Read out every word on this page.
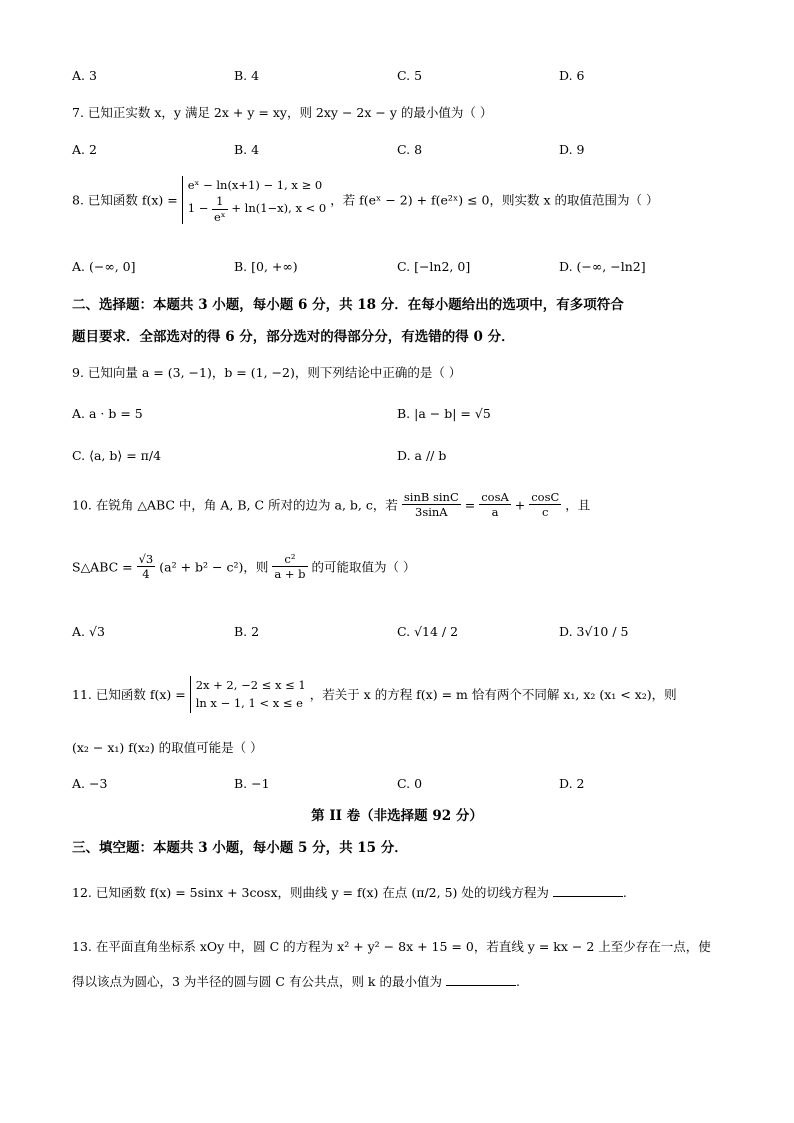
A. 3	B. 4	C. 5	D. 6
7. 已知正实数 x，y 满足 2x + y = xy，则 2xy − 2x − y 的最小值为（ ）
A. 2	B. 4	C. 8	D. 9
8. 已知函数 f(x) =
eˣ − ln(x+1) − 1, x ≥ 0
$1 - \frac{1}{\text{eˣ}} + \ln(1-x)$, x < 0
，若 f(eˣ − 2) + f(e²ˣ) ≤ 0，则实数 x 的取值范围为（ ）
A. (−∞, 0]	B. [0, +∞)	C. [−ln2, 0]	D. (−∞, −ln2]
二、选择题：本题共 3 小题，每小题 6 分，共 18 分．在每小题给出的选项中，有多项符合
题目要求．全部选对的得 6 分，部分选对的得部分分，有选错的得 0 分．
9. 已知向量 a = (3, −1)，b = (1, −2)，则下列结论中正确的是（ ）
A. a · b = 5	B. |a − b| = √5
C. ⟨a, b⟩ = π/4	D. a // b
10. 在锐角 △ABC 中，角 A, B, C 所对的边为 a, b, c，若 $\frac{\text{sinB sinC}}{3\sin A} = \frac{\cos A}{a} + \frac{\cos C}{c}$ ，且
S△ABC = $\frac{√3}{4} (a^2 + b^2 - c^2)$，则 $\frac{\text{c²}}{a + b}$ 的可能取值为（ ）
A. √3	B. 2	C. √14 / 2	D. 3√10 / 5
11. 已知函数 f(x) =
2x + 2, −2 ≤ x ≤ 1
ln x − 1, 1 < x ≤ e
，若关于 x 的方程 f(x) = m 恰有两个不同解 x₁, x₂ (x₁ < x₂)，则
(x₂ − x₁) f(x₂) 的取值可能是（ ）
A. −3	B. −1	C. 0	D. 2
第 II 卷（非选择题 92 分）
三、填空题：本题共 3 小题，每小题 5 分，共 15 分．
12. 已知函数 f(x) = 5sinx + 3cosx，则曲线 y = f(x) 在点 (π/2, 5) 处的切线方程为	.
13. 在平面直角坐标系 xOy 中，圆 C 的方程为 x² + y² − 8x + 15 = 0，若直线 y = kx − 2 上至少存在一点，使
得以该点为圆心，3 为半径的圆与圆 C 有公共点，则 k 的最小值为	.
